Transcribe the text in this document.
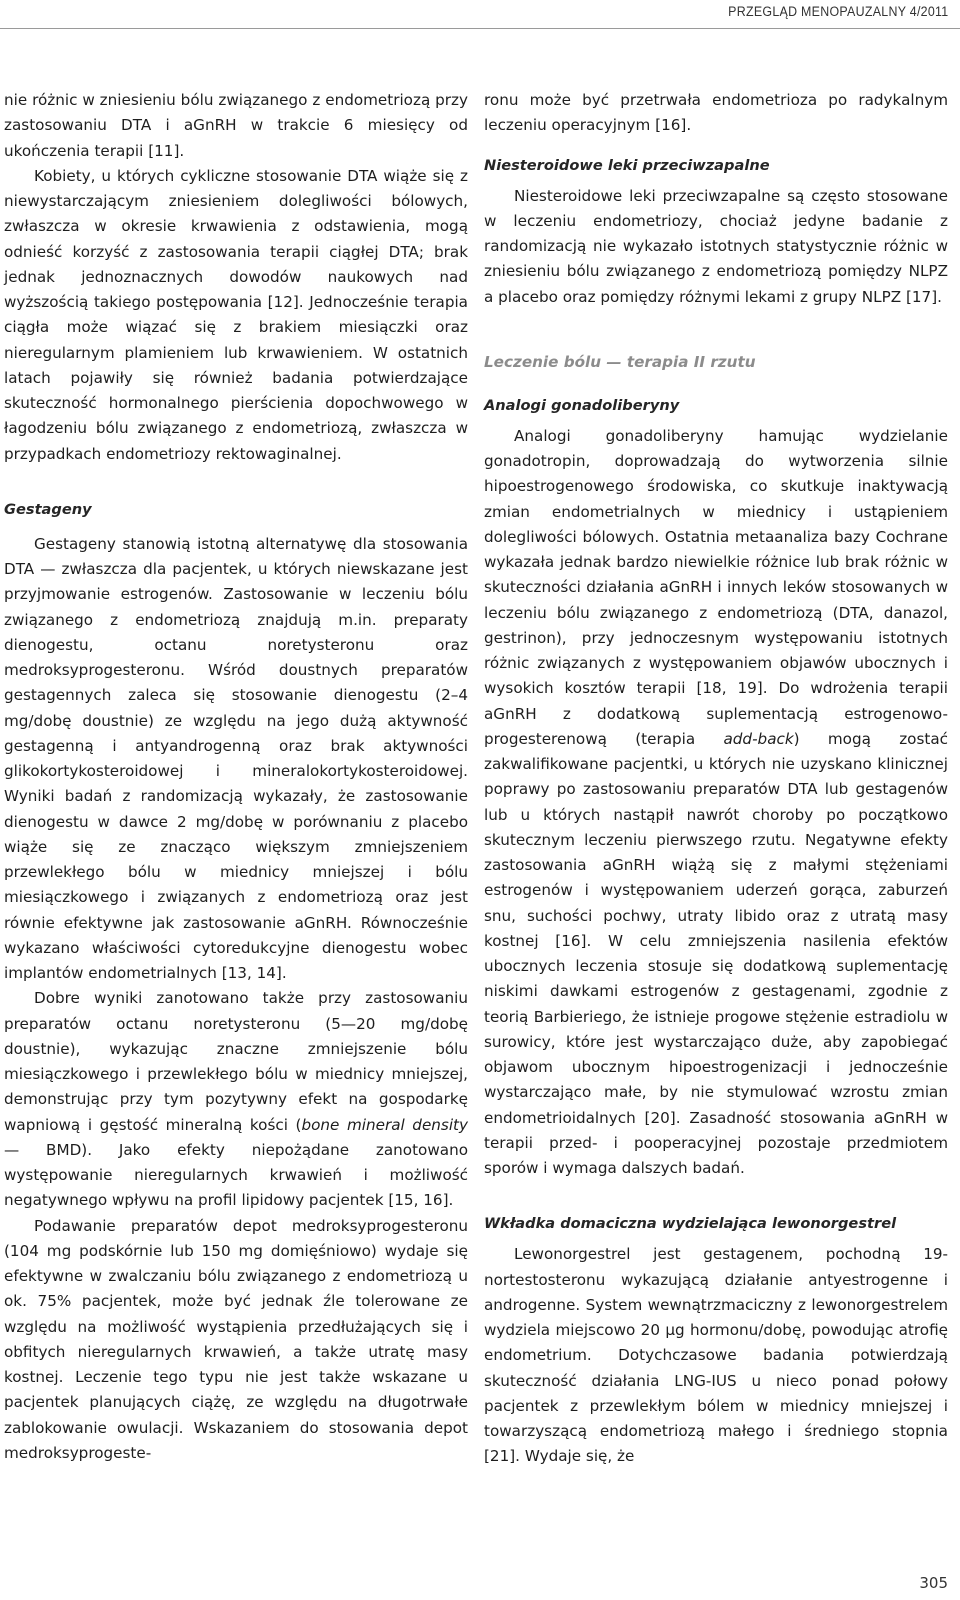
PRZEGLĄD MENOPAUZALNY 4/2011

nie różnic w zniesieniu bólu związanego z endometriozą przy zastosowaniu DTA i aGnRH w trakcie 6 miesięcy od ukończenia terapii [11].

Kobiety, u których cykliczne stosowanie DTA wiąże się z niewystarczającym zniesieniem dolegliwości bólowych, zwłaszcza w okresie krwawienia z odstawienia, mogą odnieść korzyść z zastosowania terapii ciągłej DTA; brak jednak jednoznacznych dowodów naukowych nad wyższością takiego postępowania [12]. Jednocześnie terapia ciągła może wiązać się z brakiem miesiączki oraz nieregularnym plamieniem lub krwawieniem. W ostatnich latach pojawiły się również badania potwierdzające skuteczność hormonalnego pierścienia dopochwowego w łagodzeniu bólu związanego z endometriozą, zwłaszcza w przypadkach endometriozy rektowaginalnej.

Gestageny

Gestageny stanowią istotną alternatywę dla stosowania DTA — zwłaszcza dla pacjentek, u których niewskazane jest przyjmowanie estrogenów. Zastosowanie w leczeniu bólu związanego z endometriozą znajdują m.in. preparaty dienogestu, octanu noretysteronu oraz medroksyprogesteronu. Wśród doustnych preparatów gestagennych zaleca się stosowanie dienogestu (2–4 mg/dobę doustnie) ze względu na jego dużą aktywność gestagenną i antyandrogenną oraz brak aktywności glikokortykosteroidowej i mineralokortykosteroidowej. Wyniki badań z randomizacją wykazały, że zastosowanie dienogestu w dawce 2 mg/dobę w porównaniu z placebo wiąże się ze znacząco większym zmniejszeniem przewlekłego bólu w miednicy mniejszej i bólu miesiączkowego i związanych z endometriozą oraz jest równie efektywne jak zastosowanie aGnRH. Równocześnie wykazano właściwości cytoredukcyjne dienogestu wobec implantów endometrialnych [13, 14].

Dobre wyniki zanotowano także przy zastosowaniu preparatów octanu noretysteronu (5—20 mg/dobę doustnie), wykazując znaczne zmniejszenie bólu miesiączkowego i przewlekłego bólu w miednicy mniejszej, demonstrując przy tym pozytywny efekt na gospodarkę wapniową i gęstość mineralną kości (bone mineral density — BMD). Jako efekty niepożądane zanotowano występowanie nieregularnych krwawień i możliwość negatywnego wpływu na profil lipidowy pacjentek [15, 16].

Podawanie preparatów depot medroksyprogesteronu (104 mg podskórnie lub 150 mg domięśniowo) wydaje się efektywne w zwalczaniu bólu związanego z endometriozą u ok. 75% pacjentek, może być jednak źle tolerowane ze względu na możliwość wystąpienia przedłużających się i obfitych nieregularnych krwawień, a także utratę masy kostnej. Leczenie tego typu nie jest także wskazane u pacjentek planujących ciążę, ze względu na długotrwałe zablokowanie owulacji. Wskazaniem do stosowania depot medroksyprogeste-

ronu może być przetrwała endometrioza po radykalnym leczeniu operacyjnym [16].

Niesteroidowe leki przeciwzapalne

Niesteroidowe leki przeciwzapalne są często stosowane w leczeniu endometriozy, chociaż jedyne badanie z randomizacją nie wykazało istotnych statystycznie różnic w zniesieniu bólu związanego z endometriozą pomiędzy NLPZ a placebo oraz pomiędzy różnymi lekami z grupy NLPZ [17].

Leczenie bólu — terapia II rzutu
Analogi gonadoliberyny

Analogi gonadoliberyny hamując wydzielanie gonadotropin, doprowadzają do wytworzenia silnie hipoestrogenowego środowiska, co skutkuje inaktywacją zmian endometrialnych w miednicy i ustąpieniem dolegliwości bólowych. Ostatnia metaanaliza bazy Cochrane wykazała jednak bardzo niewielkie różnice lub brak różnic w skuteczności działania aGnRH i innych leków stosowanych w leczeniu bólu związanego z endometriozą (DTA, danazol, gestrinon), przy jednoczesnym występowaniu istotnych różnic związanych z występowaniem objawów ubocznych i wysokich kosztów terapii [18, 19]. Do wdrożenia terapii aGnRH z dodatkową suplementacją estrogenowo-progesterenową (terapia add-back) mogą zostać zakwalifikowane pacjentki, u których nie uzyskano klinicznej poprawy po zastosowaniu preparatów DTA lub gestagenów lub u których nastąpił nawrót choroby po początkowo skutecznym leczeniu pierwszego rzutu. Negatywne efekty zastosowania aGnRH wiążą się z małymi stężeniami estrogenów i występowaniem uderzeń gorąca, zaburzeń snu, suchości pochwy, utraty libido oraz z utratą masy kostnej [16]. W celu zmniejszenia nasilenia efektów ubocznych leczenia stosuje się dodatkową suplementację niskimi dawkami estrogenów z gestagenami, zgodnie z teorią Barbieriego, że istnieje progowe stężenie estradiolu w surowicy, które jest wystarczająco duże, aby zapobiegać objawom ubocznym hipoestrogenizacji i jednocześnie wystarczająco małe, by nie stymulować wzrostu zmian endometrioidalnych [20]. Zasadność stosowania aGnRH w terapii przed- i pooperacyjnej pozostaje przedmiotem sporów i wymaga dalszych badań.

Wkładka domaciczna wydzielająca lewonorgestrel

Lewonorgestrel jest gestagenem, pochodną 19-nortestosteronu wykazującą działanie antyestrogenne i androgenne. System wewnątrzmaciczny z lewonorgestrelem wydziela miejscowo 20 μg hormonu/dobę, powodując atrofię endometrium. Dotychczasowe badania potwierdzają skuteczność działania LNG-IUS u nieco ponad połowy pacjentek z przewlekłym bólem w miednicy mniejszej i towarzyszącą endometriozą małego i średniego stopnia [21]. Wydaje się, że

305
